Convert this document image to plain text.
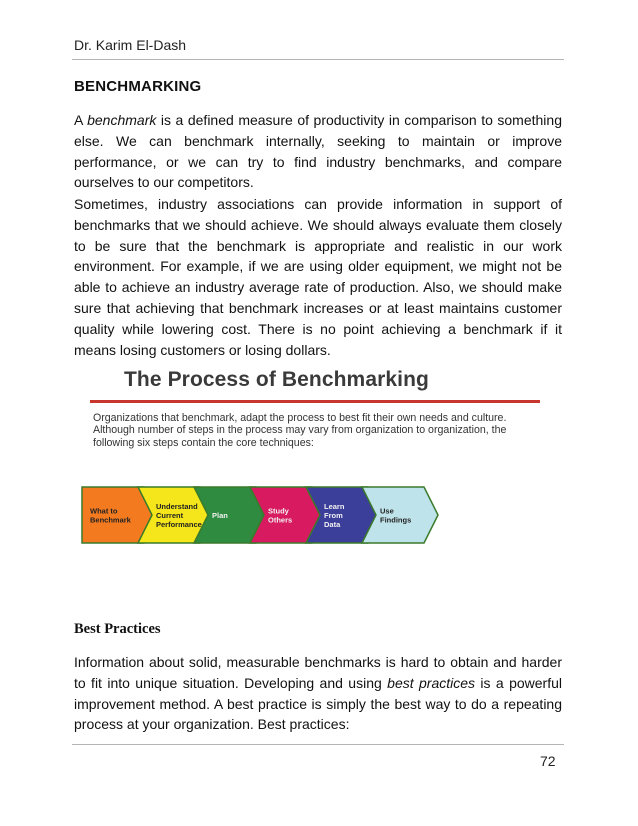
Dr. Karim El-Dash
BENCHMARKING

A benchmark is a defined measure of productivity in comparison to something else. We can benchmark internally, seeking to maintain or improve performance, or we can try to find industry benchmarks, and compare ourselves to our competitors.

Sometimes, industry associations can provide information in support of benchmarks that we should achieve. We should always evaluate them closely to be sure that the benchmark is appropriate and realistic in our work environment. For example, if we are using older equipment, we might not be able to achieve an industry average rate of production. Also, we should make sure that achieving that benchmark increases or at least maintains customer quality while lowering cost. There is no point achieving a benchmark if it means losing customers or losing dollars.

The Process of Benchmarking

Organizations that benchmark, adapt the process to best fit their own needs and culture. Although number of steps in the process may vary from organization to organization, the following six steps contain the core techniques:

What to
Benchmark
Understand
Current
Performance
Plan	Study
Others
Learn
From
Data
Use
Findings
Best Practices

Information about solid, measurable benchmarks is hard to obtain and harder to fit into unique situation. Developing and using best practices is a powerful improvement method. A best practice is simply the best way to do a repeating process at your organization. Best practices:

72
